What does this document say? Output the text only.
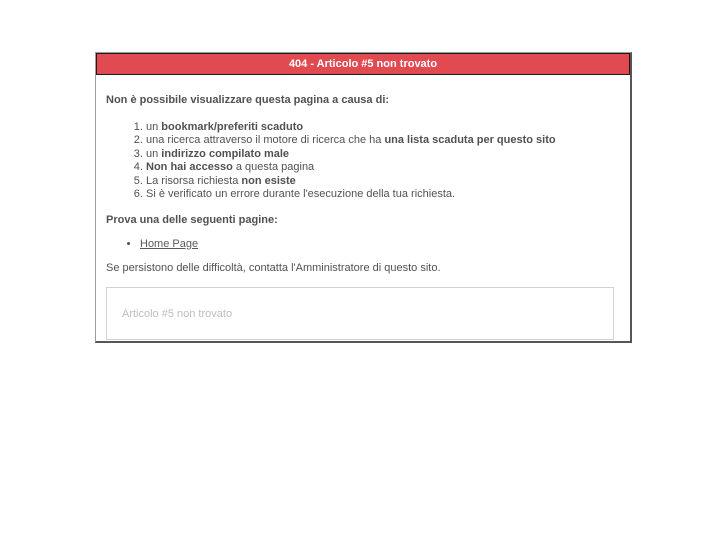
404 - Articolo #5 non trovato

Non è possibile visualizzare questa pagina a causa di:

1. un bookmark/preferiti scaduto
2. una ricerca attraverso il motore di ricerca che ha una lista scaduta per questo sito
3. un indirizzo compilato male
4. Non hai accesso a questa pagina
5. La risorsa richiesta non esiste
6. Si è verificato un errore durante l'esecuzione della tua richiesta.

Prova una delle seguenti pagine:

• Home Page

Se persistono delle difficoltà, contatta l'Amministratore di questo sito.

Articolo #5 non trovato
